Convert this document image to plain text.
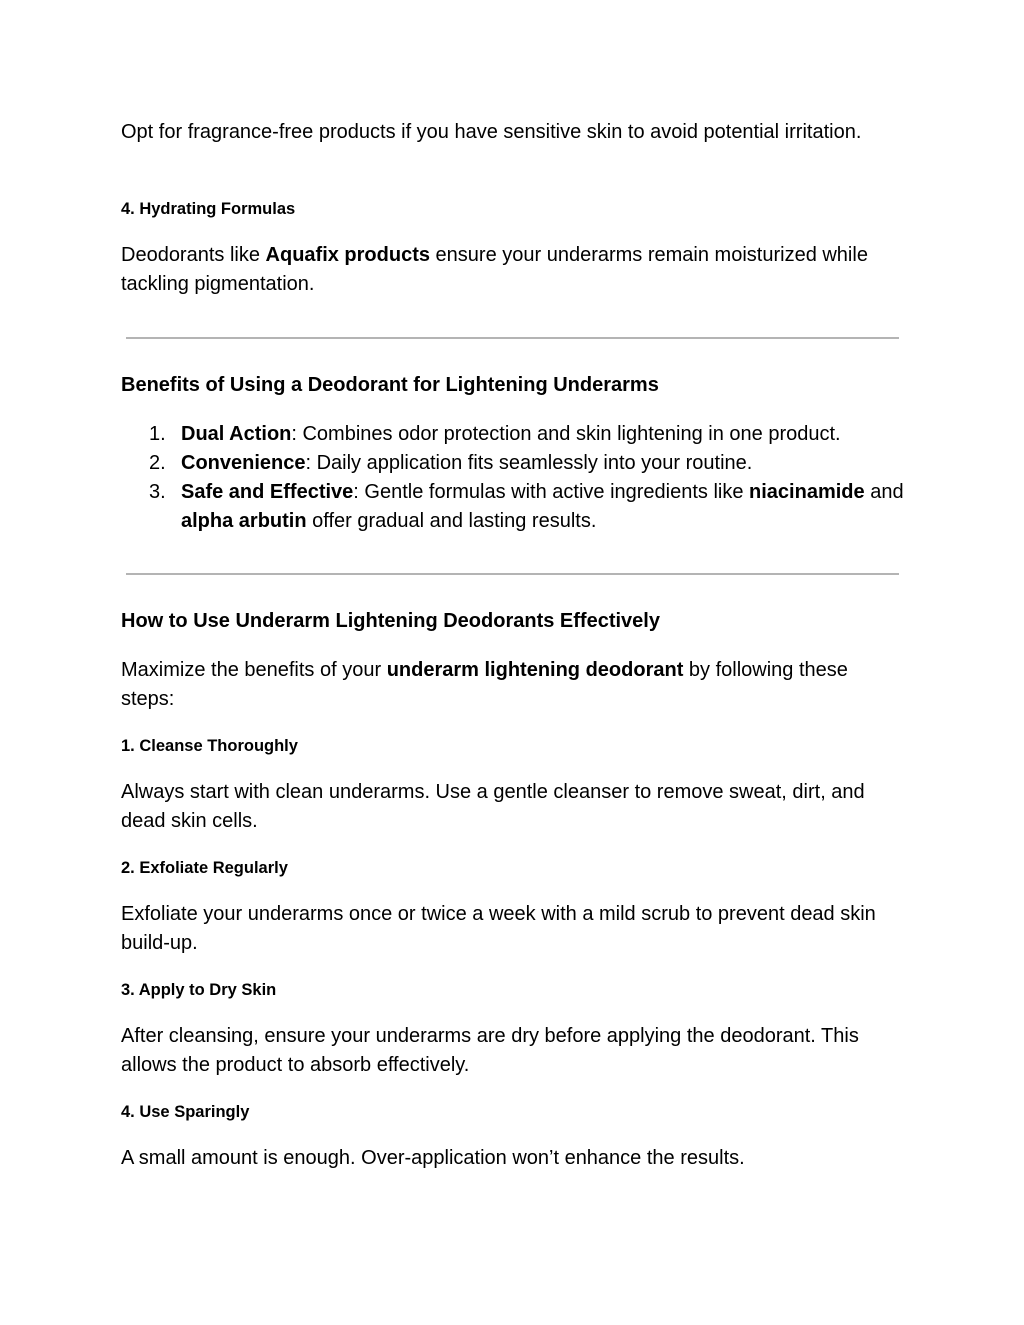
Opt for fragrance-free products if you have sensitive skin to avoid potential irritation.

4. Hydrating Formulas

Deodorants like Aquafix products ensure your underarms remain moisturized while tackling pigmentation.

Benefits of Using a Deodorant for Lightening Underarms
1. Dual Action: Combines odor protection and skin lightening in one product.
2. Convenience: Daily application fits seamlessly into your routine.
3. Safe and Effective: Gentle formulas with active ingredients like niacinamide and alpha arbutin offer gradual and lasting results.
How to Use Underarm Lightening Deodorants Effectively

Maximize the benefits of your underarm lightening deodorant by following these steps:

1. Cleanse Thoroughly

Always start with clean underarms. Use a gentle cleanser to remove sweat, dirt, and dead skin cells.

2. Exfoliate Regularly

Exfoliate your underarms once or twice a week with a mild scrub to prevent dead skin build-up.

3. Apply to Dry Skin

After cleansing, ensure your underarms are dry before applying the deodorant. This allows the product to absorb effectively.

4. Use Sparingly

A small amount is enough. Over-application won’t enhance the results.
